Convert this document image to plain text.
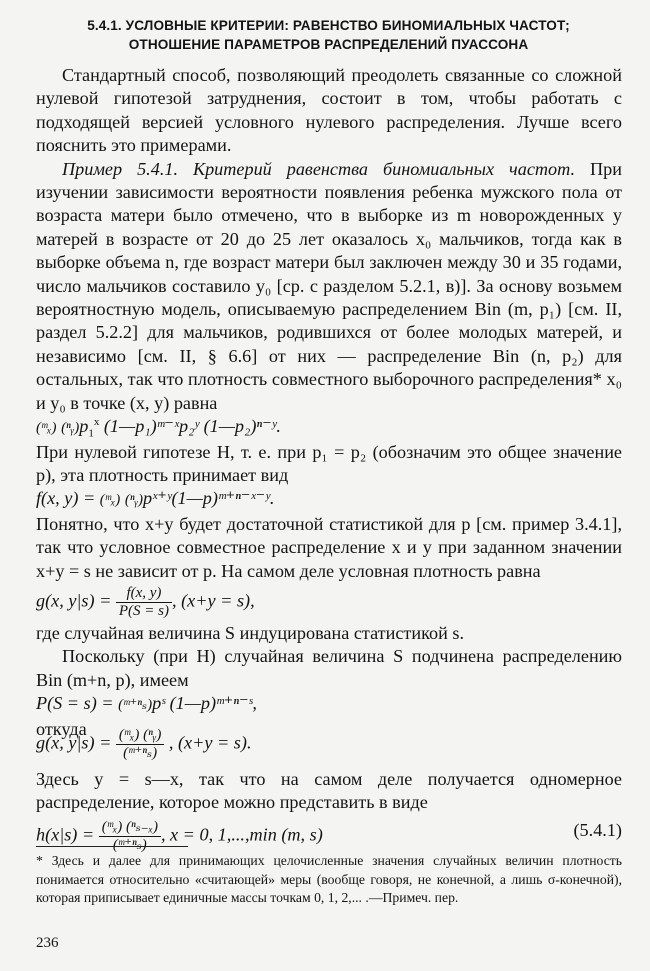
5.4.1. УСЛОВНЫЕ КРИТЕРИИ: РАВЕНСТВО БИНОМИАЛЬНЫХ ЧАСТОТ;
ОТНОШЕНИЕ ПАРАМЕТРОВ РАСПРЕДЕЛЕНИЙ ПУАССОНА

Стандартный способ, позволяющий преодолеть связанные со сложной нулевой гипотезой затруднения, состоит в том, чтобы работать с подходящей версией условного нулевого распределения. Лучше всего пояснить это примерами.

Пример 5.4.1. Критерий равенства биномиальных частот. При изучении зависимости вероятности появления ребенка мужского пола от возраста матери было отмечено, что в выборке из m новорожденных у матерей в возрасте от 20 до 25 лет оказалось x₀ мальчиков, тогда как в выборке объема n, где возраст матери был заключен между 30 и 35 годами, число мальчиков составило y₀ [ср. с разделом 5.2.1, в)]. За основу возьмем вероятностную модель, описываемую распределением Bin (m, p₁) [см. II, раздел 5.2.2] для мальчиков, родившихся от более молодых матерей, и независимо [см. II, § 6.6] от них — распределение Bin (n, p₂) для остальных, так что плотность совместного выборочного распределения* x₀ и y₀ в точке (x, y) равна

(ᵐₓ) $(^nᵧ)p_1^x$ (1—p₁)ᵐ⁻ˣp₂ʸ (1—p₂)ⁿ⁻ʸ.

При нулевой гипотезе H, т. е. при p₁ = p₂ (обозначим это общее значение p), эта плотность принимает вид

f(x, y) = (ᵐₓ) (ⁿᵧ)pˣ⁺ʸ(1—p)ᵐ⁺ⁿ⁻ˣ⁻ʸ.

Понятно, что x+y будет достаточной статистикой для p [см. пример 3.4.1], так что условное совместное распределение x и y при заданном значении x+y = s не зависит от p. На самом деле условная плотность равна

g(x, $y|s) = \frac{f(x, y)}{P(S = s)}$ , (x+y = s),

где случайная величина S индуцирована статистикой s.

Поскольку (при H) случайная величина S подчинена распределению Bin (m+n, p), имеем

P(S = s) = (ᵐ⁺ⁿₛ)pˢ (1—p)ᵐ⁺ⁿ⁻ˢ,

откуда

g(x, $y|s) = \frac{\text{(ᵐₓ) (ⁿᵧ)}}{\text{(ᵐ⁺ⁿₛ)}}$ , (x+y = s).

Здесь y = s—x, так что на самом деле получается одномерное распределение, которое можно представить в виде

$h(x|s) = \frac{\text{(ᵐₓ) (ⁿₛ₋ₓ)}}{\text{(ᵐ⁺ⁿₛ)}}$ , x = 0, 1,...,min (m, s)	(5.4.1)

* Здесь и далее для принимающих целочисленные значения случайных величин плотность понимается относительно «считающей» меры (вообще говоря, не конечной, а лишь σ-конечной), которая приписывает единичные массы точкам 0, 1, 2,... .—Примеч. пер.
236
